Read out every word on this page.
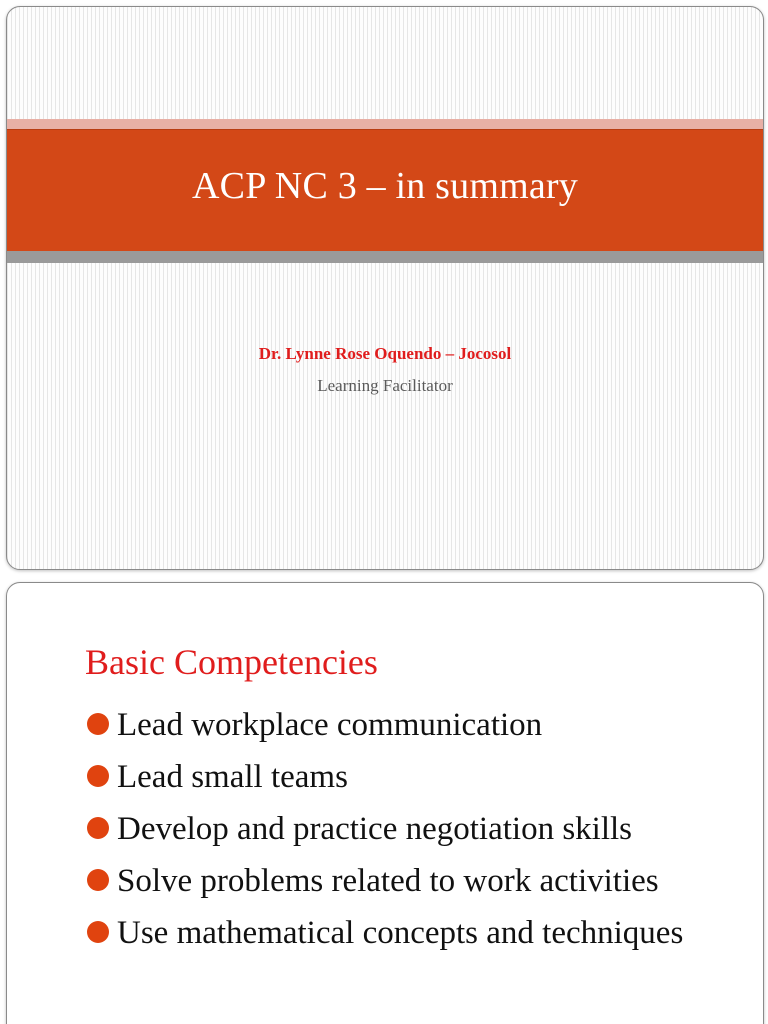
ACP NC 3 – in summary
Dr. Lynne Rose Oquendo – Jocosol
Learning Facilitator
Basic Competencies
Lead workplace communication
Lead small teams
Develop and practice negotiation skills
Solve problems related to work activities
Use mathematical concepts and techniques
